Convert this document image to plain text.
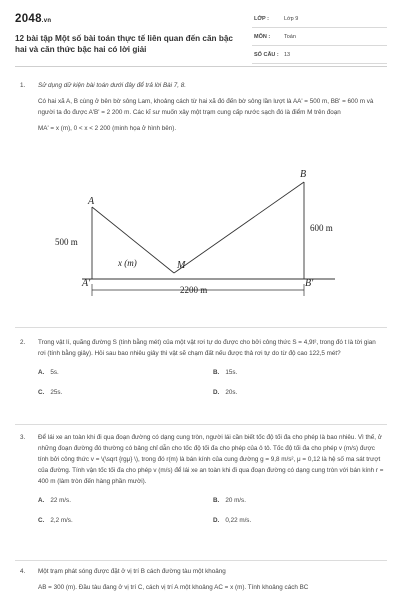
2048.vn
12 bài tập Một số bài toán thực tế liên quan đến căn bậc hai và căn thức bậc hai có lời giải
LỚP :	Lớp 9
MÔN :	Toán
SỐ CÂU : 13
1. Sử dụng dữ kiện bài toán dưới đây để trả lời Bài 7, 8.

Có hai xã A, B cùng ở bên bờ sông Lam, khoảng cách từ hai xã đó đến bờ sông lần lượt là AA' = 500 m, BB' = 600 m và người ta đo được A'B' = 2 200 m. Các kĩ sư muốn xây một trạm cung cấp nước sạch đó là điểm M trên đoạn

MA' = x (m), 0 < x < 2 200 (minh họa ở hình bên).

A
B
M
A'	B'
500 m
600 m
x (m)
2200 m
2. Trong vật lí, quãng đường S (tính bằng mét) của một vật rơi tự do được cho bởi công thức S = 4,9t², trong đó t là tời gian rơi (tính bằng giây). Hỏi sau bao nhiêu giây thì vật sẽ chạm đất nếu được thả rơi tự do từ độ cao 122,5 mét?

A. 5s.	B. 15s.
C. 25s.	D. 20s.
3. Để lái xe an toàn khi đi qua đoạn đường có dạng cung tròn, người lái cần biết tốc độ tối đa cho phép là bao nhiêu. Vì thế, ở những đoạn đường đó thường có bảng chỉ dẫn cho tốc độ tối đa cho phép của ô tô. Tốc độ tối đa cho phép v (m/s) được tính bởi công thức v = \(\sqrt {rgμ} \), trong đó r(m) là bán kính của cung đường g = 9,8 m/s², μ = 0,12 là hệ số ma sát trượt của đường. Tính vận tốc tối đa cho phép v (m/s) để lái xe an toàn khi đi qua đoạn đường có dạng cung tròn với bán kính r = 400 m (làm tròn đến hàng phần mười).

A. 22 m/s.	B. 20 m/s.
C. 2,2 m/s.	D. 0,22 m/s.
4. Một trạm phát sóng được đặt ở vị trí B cách đường tàu một khoảng

AB = 300 (m). Đầu tàu đang ở vị trí C, cách vị trí A một khoảng AC = x (m). Tính khoảng cách BC
